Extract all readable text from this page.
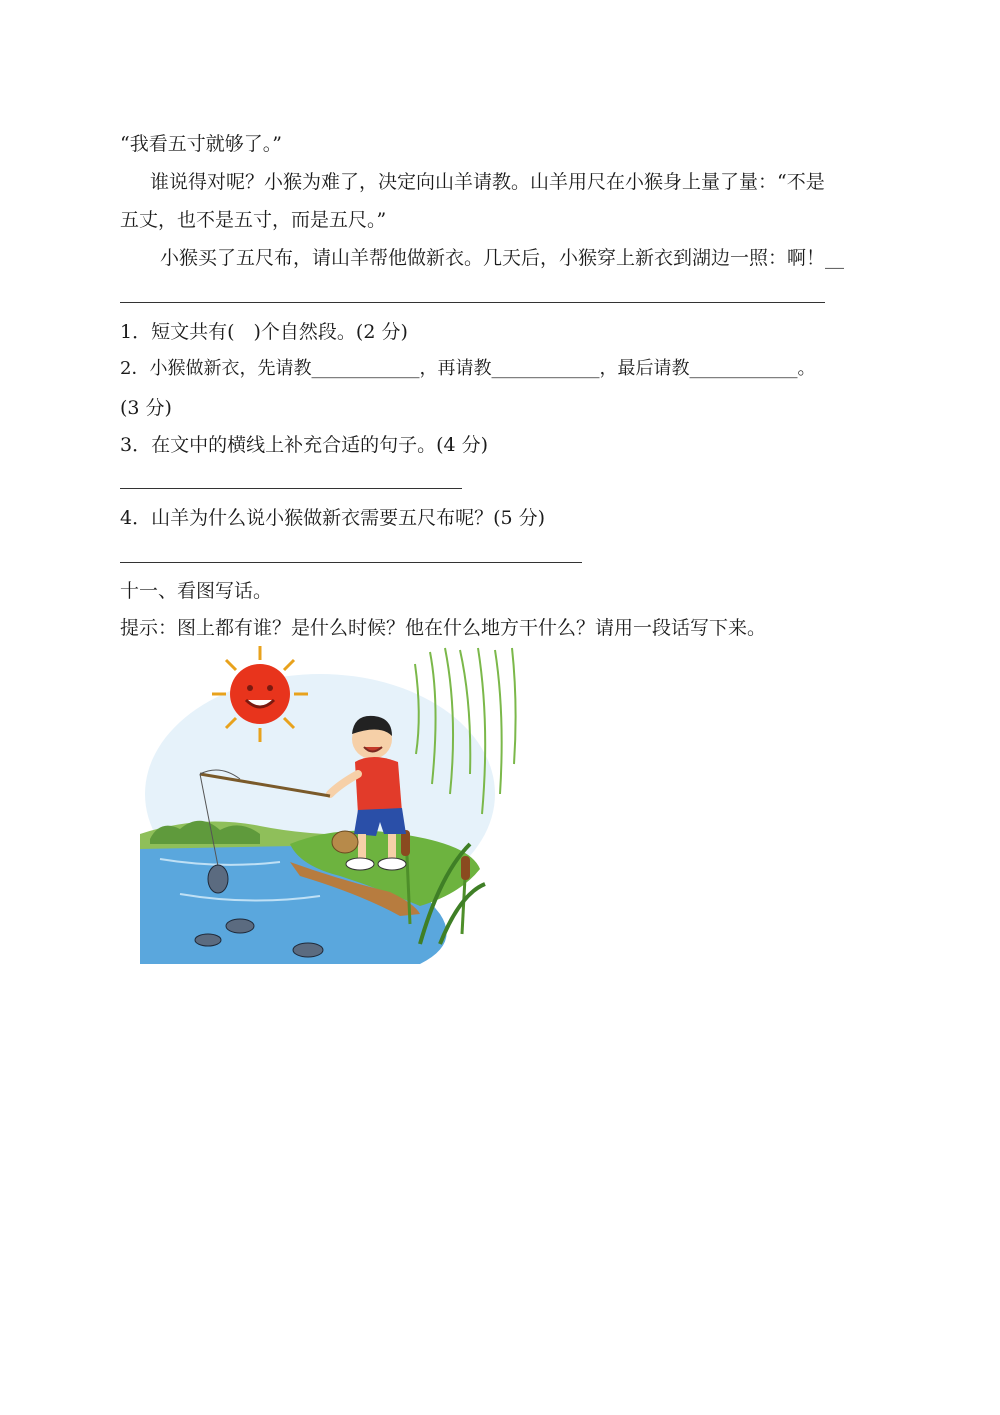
“我看五寸就够了。”
谁说得对呢？小猴为难了，决定向山羊请教。山羊用尺在小猴身上量了量：“不是
五丈，也不是五寸，而是五尺。”
小猴买了五尺布，请山羊帮他做新衣。几天后，小猴穿上新衣到湖边一照：啊！__
1．短文共有(　)个自然段。(2 分)
2．小猴做新衣，先请教____________，再请教____________，最后请教____________。
(3 分)
3．在文中的横线上补充合适的句子。(4 分)
4．山羊为什么说小猴做新衣需要五尺布呢？(5 分)
十一、看图写话。
提示：图上都有谁？是什么时候？他在什么地方干什么？请用一段话写下来。
